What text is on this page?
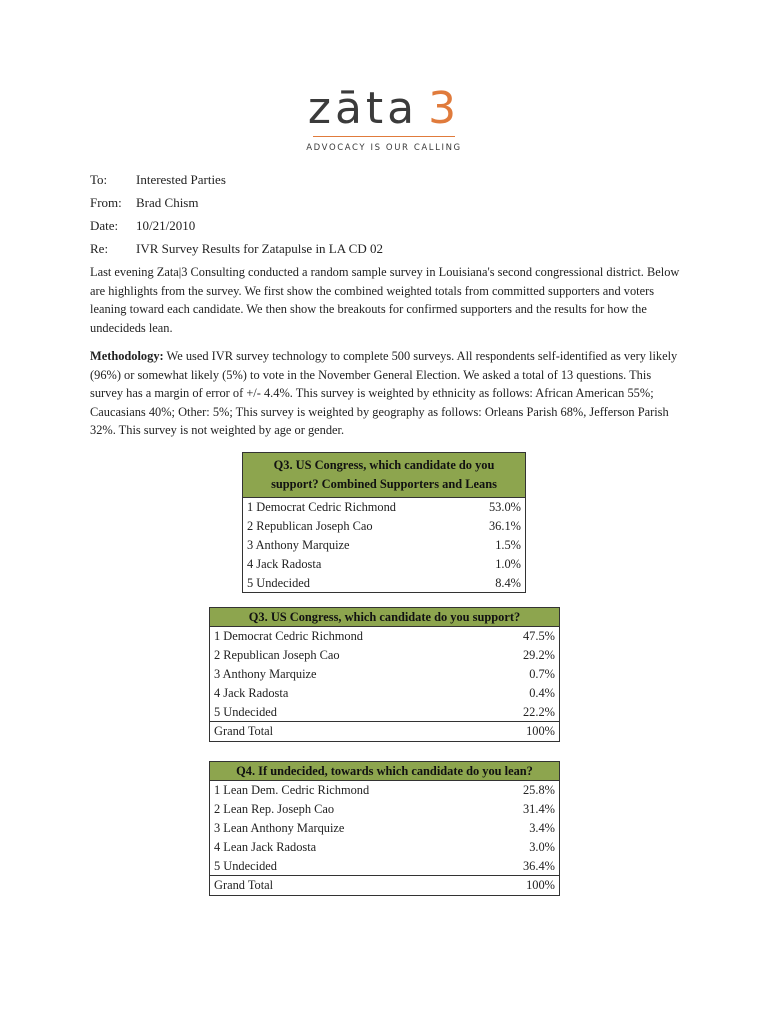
zāta 3
ADVOCACY IS OUR CALLING
To: Interested Parties
From: Brad Chism
Date: 10/21/2010
Re: IVR Survey Results for Zatapulse in LA CD 02
Last evening Zata|3 Consulting conducted a random sample survey in Louisiana's second congressional district. Below are highlights from the survey. We first show the combined weighted totals from committed supporters and voters leaning toward each candidate. We then show the breakouts for confirmed supporters and the results for how the undecideds lean.
Methodology: We used IVR survey technology to complete 500 surveys. All respondents self-identified as very likely (96%) or somewhat likely (5%) to vote in the November General Election. We asked a total of 13 questions. This survey has a margin of error of +/- 4.4%. This survey is weighted by ethnicity as follows: African American 55%; Caucasians 40%; Other: 5%; This survey is weighted by geography as follows: Orleans Parish 68%, Jefferson Parish 32%. This survey is not weighted by age or gender.
Q3. US Congress, which candidate do you support? Combined Supporters and Leans	
1 Democrat Cedric Richmond	53.0%
2 Republican Joseph Cao	36.1%
3 Anthony Marquize	1.5%
4 Jack Radosta	1.0%
5 Undecided	8.4%
Q3. US Congress, which candidate do you support?	
1 Democrat Cedric Richmond	47.5%
2 Republican Joseph Cao	29.2%
3 Anthony Marquize	0.7%
4 Jack Radosta	0.4%
5 Undecided	22.2%
Grand Total	100%
Q4. If undecided, towards which candidate do you lean?	
1 Lean Dem. Cedric Richmond	25.8%
2 Lean Rep. Joseph Cao	31.4%
3 Lean Anthony Marquize	3.4%
4 Lean Jack Radosta	3.0%
5 Undecided	36.4%
Grand Total	100%
